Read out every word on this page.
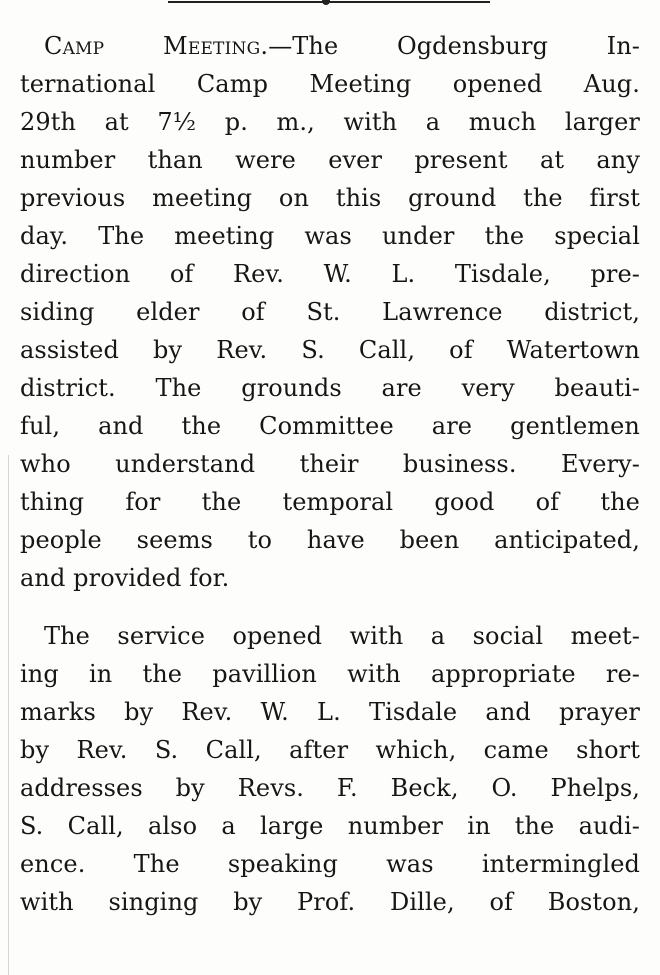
Camp Meeting.—The Ogdensburg In-
ternational Camp Meeting opened Aug.
29th at 7½ p. m., with a much larger
number than were ever present at any
previous meeting on this ground the first
day. The meeting was under the special
direction of Rev. W. L. Tisdale, pre-
siding elder of St. Lawrence district,
assisted by Rev. S. Call, of Watertown
district. The grounds are very beauti-
ful, and the Committee are gentlemen
who understand their business. Every-
thing for the temporal good of the
people seems to have been anticipated,
and provided for.
The service opened with a social meet-
ing in the pavillion with appropriate re-
marks by Rev. W. L. Tisdale and prayer
by Rev. S. Call, after which, came short
addresses by Revs. F. Beck, O. Phelps,
S. Call, also a large number in the audi-
ence. The speaking was intermingled
with singing by Prof. Dille, of Boston,
